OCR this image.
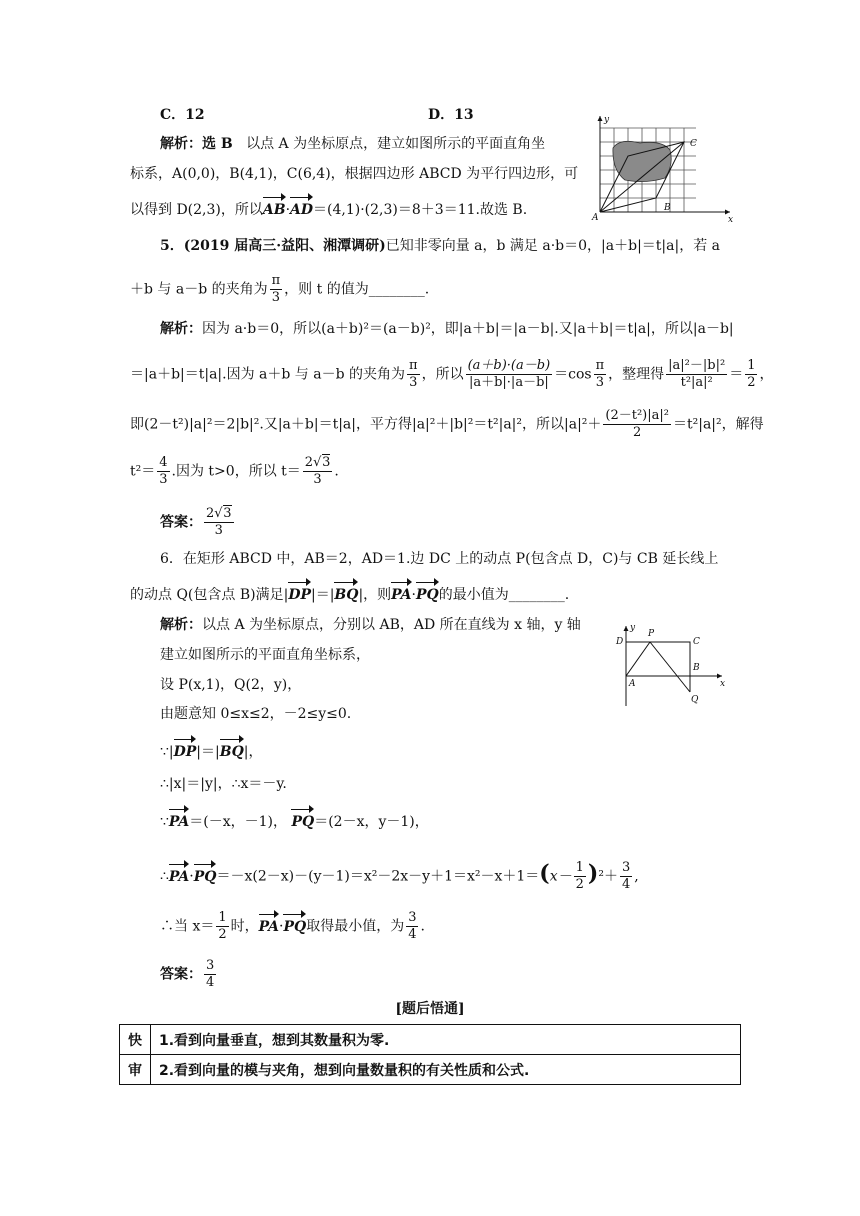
C．12	D．13
解析：选 B 以点 A 为坐标原点，建立如图所示的平面直角坐
标系，A(0,0)，B(4,1)，C(6,4)，根据四边形 ABCD 为平行四边形，可
以得到 D(2,3)，所以AB·AD＝(4,1)·(2,3)＝8＋3＝11.故选 B.
y
x
A
B
C
5．(2019 届高三·益阳、湘潭调研)已知非零向量 a，b 满足 a·b＝0，|a＋b|＝t|a|，若 a
＋b 与 a－b 的夹角为 $\frac{\pi}{3}$ ，则 t 的值为________.
解析：因为 a·b＝0，所以(a＋b)²＝(a－b)²，即|a＋b|＝|a－b|.又|a＋b|＝t|a|，所以|a－b|
＝|a＋b|＝t|a|.因为 a＋b 与 a－b 的夹角为 $\frac{\pi}{3}$ ，所以 $\frac{(a+b)\cdot(a-b)}{|a+b|\cdot|a-b|} =\cos \frac{\pi}{3}$ ，整理得 $\frac{\text{|a|²－|b|²}}{\text{t²|a|²}} = \frac{1}{2}$ ，
即(2－t²)|a|²＝2|b|².又|a＋b|＝t|a|，平方得|a|²＋|b|²＝t²|a|²，所以$|a|^2+ \frac{\text{(2－t²)|a|²}}{2} =t^2|a|^2$，解得
$t^2= \frac{4}{3}$ .因为 t>0，所以 $t= \frac{2 √ 3}{3}$ .
答案： $\frac{2 √ 3}{3}$
6．在矩形 ABCD 中，AB＝2，AD＝1.边 DC 上的动点 P(包含点 D，C)与 CB 延长线上
的动点 Q(包含点 B)满足|DP|＝|BQ|，则PA·PQ的最小值为________.
解析：以点 A 为坐标原点，分别以 AB，AD 所在直线为 x 轴，y 轴
建立如图所示的平面直角坐标系，
设 P(x,1)，Q(2，y)，
由题意知 0≤x≤2，－2≤y≤0.
∵|DP|＝|BQ|，
∴|x|＝|y|，∴x＝－y.
∵PA＝(－x，－1)， PQ＝(2－x，y－1)，
∴PA·PQ＝－x(2－x)－(y－1)＝x²－2x－y＋1＝x²－x＋1＝(x－ $\frac{1}{2} )^2+ \frac{3}{4}$ ,
∴当 $x= \frac{1}{2}$ 时，PA·PQ取得最小值，为 $\frac{3}{4}$ .
答案： $\frac{3}{4}$
y
x
D
P
C
B
A
Q
[题后悟通]
快	1.看到向量垂直，想到其数量积为零.
审	2.看到向量的模与夹角，想到向量数量积的有关性质和公式.
